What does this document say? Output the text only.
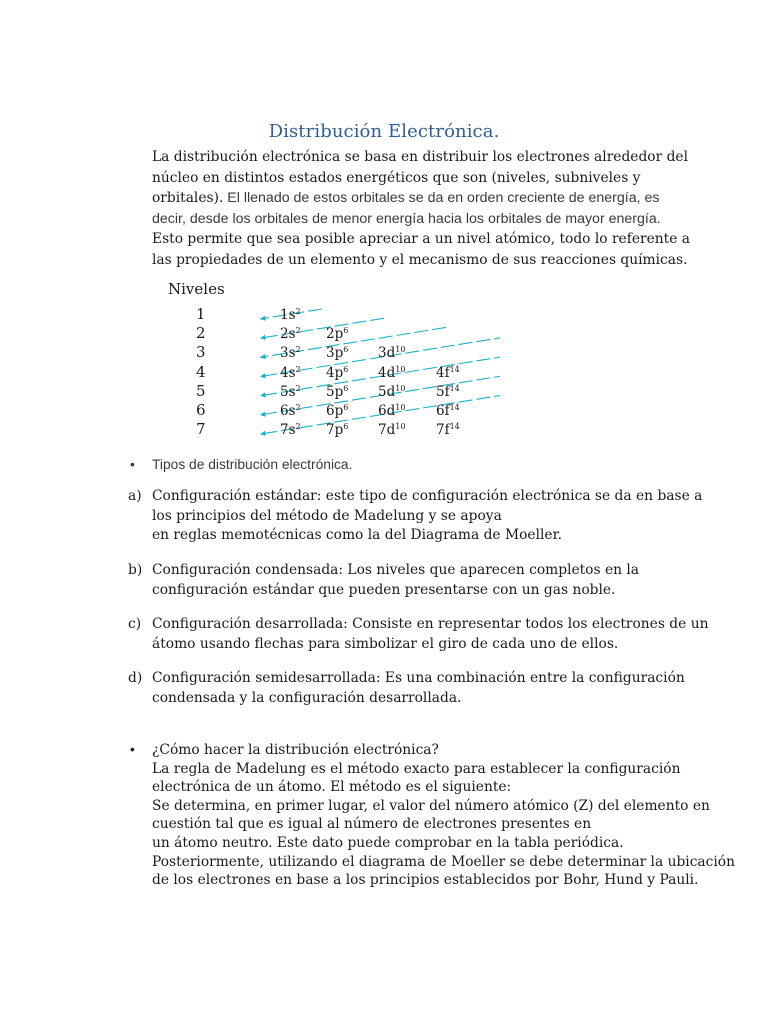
Distribución Electrónica.
La distribución electrónica se basa en distribuir los electrones alrededor del
núcleo en distintos estados energéticos que son (niveles, subniveles y
orbitales). El llenado de estos orbitales se da en orden creciente de energía, es
decir, desde los orbitales de menor energía hacia los orbitales de mayor energía.
Esto permite que sea posible apreciar a un nivel atómico, todo lo referente a
las propiedades de un elemento y el mecanismo de sus reacciones químicas.
Niveles
1
2
3
4
5
6
7
$1s^2$
$2s^2$ $2p^6$
$3s^2$ $3p^6$ $3d^{10}$
$4s^2$ $4p^6$ $4d^{10}$ $4f^{14}$
$5s^2$ $5p^6$ $5d^{10}$ $5f^{14}$
$6s^2$ $6p^6$ $6d^{10}$ $6f^{14}$
$7s^2$ $7p^6$ $7d^{10}$ $7f^{14}$
• Tipos de distribución electrónica.
a) Configuración estándar: este tipo de configuración electrónica se da en base a
los principios del método de Madelung y se apoya
en reglas memotécnicas como la del Diagrama de Moeller.
b) Configuración condensada: Los niveles que aparecen completos en la
configuración estándar que pueden presentarse con un gas noble.
c) Configuración desarrollada: Consiste en representar todos los electrones de un
átomo usando flechas para simbolizar el giro de cada uno de ellos.
d) Configuración semidesarrollada: Es una combinación entre la configuración
condensada y la configuración desarrollada.
• ¿Cómo hacer la distribución electrónica?
La regla de Madelung es el método exacto para establecer la configuración
electrónica de un átomo. El método es el siguiente:
Se determina, en primer lugar, el valor del número atómico (Z) del elemento en
cuestión tal que es igual al número de electrones presentes en
un átomo neutro. Este dato puede comprobar en la tabla periódica.
Posteriormente, utilizando el diagrama de Moeller se debe determinar la ubicación
de los electrones en base a los principios establecidos por Bohr, Hund y Pauli.
